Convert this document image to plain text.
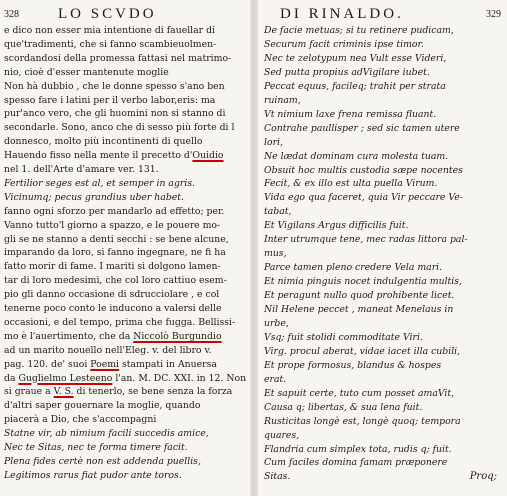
328	LO SCVDO
e dico non esser mia intentione di fauellar di
que'tradimenti, che si fanno scambieuolmen-
scordandosi della promessa fattasi nel matrimo-
nio, cioè d'esser mantenute moglie
Non hà dubbio , che le donne spesso s'ano ben
spesso fare i latini per il verbo labor,eris: ma
pur'anco vero, che gli huomini non si stanno di
secondarle. Sono, anco che di sesso più forte di l
donnesco, molto più incontinenti di quello
Hauendo fisso nella mente il precetto d'Ouidio
nel 1. dell'Arte d'amare ver. 131.
Fertilior seges est al, et semper in agris.
Vicinumq; pecus grandius uber habet.
fanno ogni sforzo per mandarlo ad effetto; per.
Vanno tutto'l giorno a spazzo, e le pouere mo-
gli se ne stanno a denti secchi : se bene alcune,
imparando da loro, si fanno ingegnare, ne fi ha
fatto morir di fame. I mariti si dolgono lamen-
tar di loro medesimi, che col loro cattiuo esem-
pio gli danno occasione di sdrucciolare , e col
tenerne poco conto le inducono a valersi delle
occasioni, e del tempo, prima che fugga. Bellissi-
mo è l'auertimento, che da Niccolò Burgundio
ad un marito nouello nell'Eleg. v. del libro v.
pag. 120. de' suoi Poemi stampati in Anuersa
da Guglielmo Lesteeno l'an. M. DC. XXI. in 12. Non
si graue a V. S. di tenerlo, se bene senza la forza
d'altri saper gouernare la moglie, quando
piacerà a Dio, che s'accompagni
Statne vir, ab nimium facili succedis amice,
Nec te Sitas, nec te forma timere facit.
Plena fides certè non est addenda puellis,
Legitimos rarus fiat pudor ante toros.
DI RINALDO.	329
De facie metuas; si tu retinere pudicam,
Securum facit criminis ipse timor.
Nec te zelotypum nea Vult esse Videri,
Sed putta propius adVigilare iubet.
Peccat equus, facileq; trahit per strata
ruinam,
Vt nimium laxe frena remissa fluant.
Contrahe paullisper ; sed sic tamen utere
lori,
Ne lædat dominam cura molesta tuam.
Obsuit hoc multis custodia sæpe nocentes
Fecit, & ex illo est ulta puella Virum.
Vida ego qua faceret, quia Vir peccare Ve-
tabat,
Et Vigilans Argus difficilis fuit.
Inter utrumque tene, mec radas littora pal-
mus,
Parce tamen pleno credere Vela mari.
Et nimia pinguis nocet indulgentia multis,
Et peragunt nullo quod prohibente licet.
Nil Helene peccet , maneat Menelaus in
urbe,
Vsq; fuit stolidi commoditate Viri.
Virg. procul aberat, vidae iacet illa cubili,
Et prope formosus, blandus & hospes
erat.
Et sapuit certe, tuto cum posset amaVit,
Causa q; libertas, & sua lena fuit.
Rusticitas longè est, longè quoq; tempora
quares,
Flandria cum simplex tota, rudis q; fuit.
Cum faciles domina famam præponere
Sitas.	Proq;
